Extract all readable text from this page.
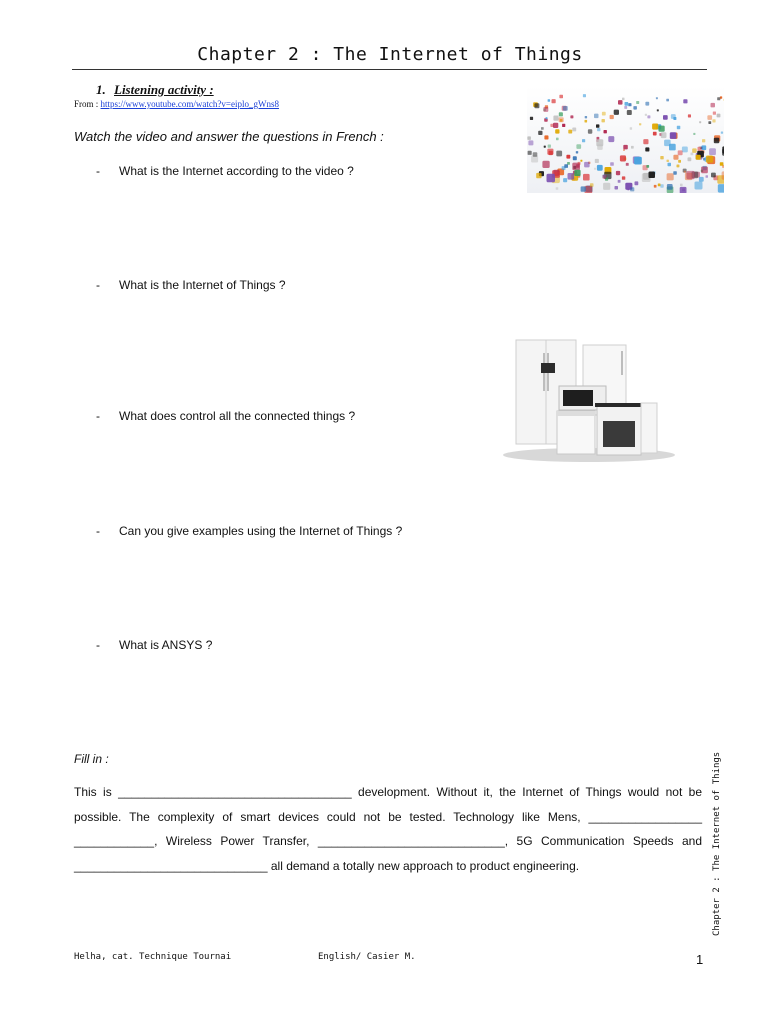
Chapter 2 : The Internet of Things
1. Listening activity :
From : https://www.youtube.com/watch?v=eiplo_gWns8
Watch the video and answer the questions in French :
- What is the Internet according to the video ?
- What is the Internet of Things ?
- What does control all the connected things ?
- Can you give examples using the Internet of Things ?
- What is ANSYS ?
Fill in :

This is ___________________________________ development. Without it, the Internet of Things would not be possible. The complexity of smart devices could not be tested. Technology like Mens, _________________ ____________, Wireless Power Transfer, ____________________________, 5G Communication Speeds and _____________________________ all demand a totally new approach to product engineering.	Chapter 2 : The Internet of Things
Helha, cat. Technique Tournai	English/ Casier M.	1
